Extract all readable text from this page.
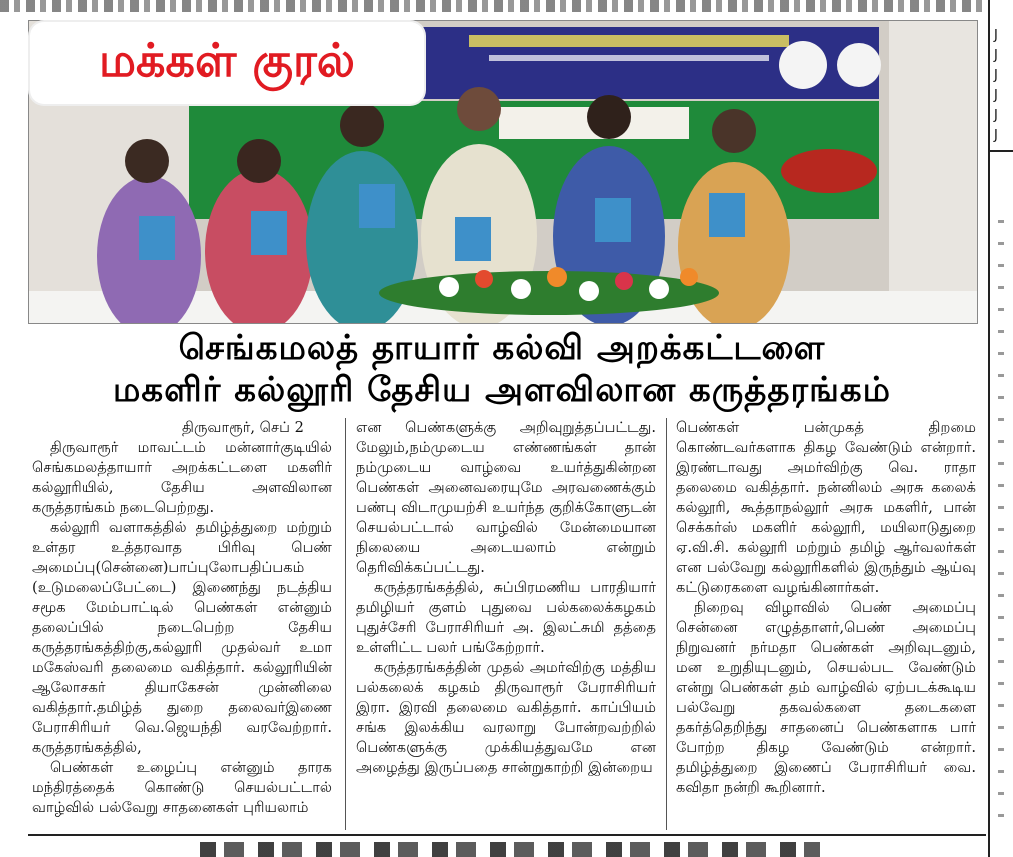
J
J
J
J
J
J
மக்கள் குரல்
செங்கமலத் தாயார் கல்வி அறக்கட்டளை
மகளிர் கல்லூரி தேசிய அளவிலான கருத்தரங்கம்

திருவாரூர், செப் 2

திருவாரூர் மாவட்டம் மன்னார்குடியில் செங்கமலத்தாயார் அறக்கட்டளை மகளிர் கல்லூரியில், தேசிய அளவிலான கருத்தரங்கம் நடைபெற்றது.

கல்லூரி வளாகத்தில் தமிழ்த்துறை மற்றும் உள்தர உத்தரவாத பிரிவு பெண் அமைப்பு(சென்னை)பாப்புலோபதிப்பகம் (உடுமலைப்பேட்டை) இணைந்து நடத்திய சமூக மேம்பாட்டில் பெண்கள் என்னும் தலைப்பில் நடைபெற்ற தேசிய கருத்தரங்கத்திற்கு,கல்லூரி முதல்வர் உமா மகேஸ்வரி தலைமை வகித்தார். கல்லூரியின் ஆலோசகர் தியாகேசன் முன்னிலை வகித்தார்.தமிழ்த் துறை தலைவர்இணை பேராசிரியர் வெ.ஜெயந்தி வரவேற்றார். கருத்தரங்கத்தில்,

பெண்கள் உழைப்பு என்னும் தாரக மந்திரத்தைக் கொண்டு செயல்பட்டால் வாழ்வில் பல்வேறு சாதனைகள் புரியலாம்

என பெண்களுக்கு அறிவுறுத்தப்பட்டது. மேலும்,நம்முடைய எண்ணங்கள் தான் நம்முடைய வாழ்வை உயர்த்துகின்றன பெண்கள் அனைவரையுமே அரவணைக்கும் பண்பு விடாமுயற்சி உயர்ந்த குறிக்கோளுடன் செயல்பட்டால் வாழ்வில் மேன்மையான நிலையை அடையலாம் என்றும் தெரிவிக்கப்பட்டது.

கருத்தரங்கத்தில், சுப்பிரமணிய பாரதியார் தமிழியர் குளம் புதுவை பல்கலைக்கழகம் புதுச்சேரி பேராசிரியர் அ. இலட்சுமி தத்தை உள்ளிட்ட பலர் பங்கேற்றார்.

கருத்தரங்கத்தின் முதல் அமர்விற்கு மத்திய பல்கலைக் கழகம் திருவாரூர் பேராசிரியர் இரா. இரவி தலைமை வகித்தார். காப்பியம் சங்க இலக்கிய வரலாறு போன்றவற்றில் பெண்களுக்கு முக்கியத்துவமே என அழைத்து இருப்பதை சான்றுகாற்றி இன்றைய

பெண்கள் பன்முகத் திறமை கொண்டவர்களாக திகழ வேண்டும் என்றார். இரண்டாவது அமர்விற்கு வெ. ராதா தலைமை வகித்தார். நன்னிலம் அரசு கலைக் கல்லூரி, கூத்தாநல்லூர் அரசு மகளிர், பான் செக்கர்ஸ் மகளிர் கல்லூரி, மயிலாடுதுறை ஏ.வி.சி. கல்லூரி மற்றும் தமிழ் ஆர்வலர்கள் என பல்வேறு கல்லூரிகளில் இருந்தும் ஆய்வு கட்டுரைகளை வழங்கினார்கள்.

நிறைவு விழாவில் பெண் அமைப்பு சென்னை எழுத்தாளர்,பெண் அமைப்பு நிறுவனர் நர்மதா பெண்கள் அறிவுடனும், மன உறுதியுடனும், செயல்பட வேண்டும் என்று பெண்கள் தம் வாழ்வில் ஏற்படக்கூடிய பல்வேறு தகவல்களை தடைகளை தகர்த்தெறிந்து சாதனைப் பெண்களாக பார் போற்ற திகழ வேண்டும் என்றார். தமிழ்த்துறை இணைப் பேராசிரியர் வை. கவிதா நன்றி கூறினார்.
